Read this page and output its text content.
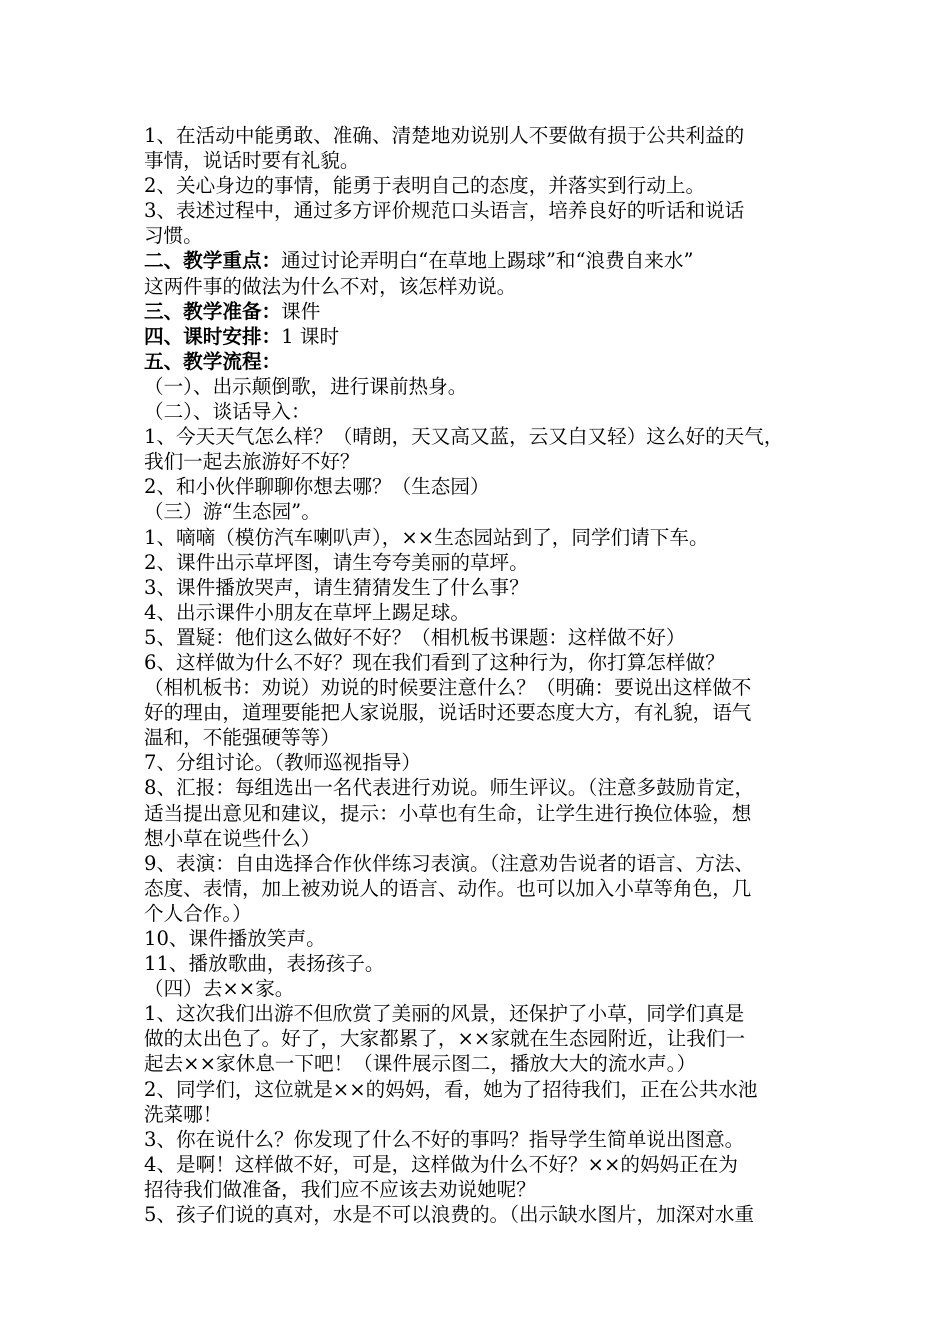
1、在活动中能勇敢、准确、清楚地劝说别人不要做有损于公共利益的

事情，说话时要有礼貌。

2、关心身边的事情，能勇于表明自己的态度，并落实到行动上。

3、表述过程中，通过多方评价规范口头语言，培养良好的听话和说话

习惯。

二、教学重点：通过讨论弄明白“在草地上踢球”和“浪费自来水”

这两件事的做法为什么不对，该怎样劝说。

三、教学准备：课件

四、课时安排：1 课时

五、教学流程：

（一）、出示颠倒歌，进行课前热身。

（二）、谈话导入：

1、今天天气怎么样？（晴朗，天又高又蓝，云又白又轻）这么好的天气，

我们一起去旅游好不好？

2、和小伙伴聊聊你想去哪？（生态园）

（三）游“生态园”。

1、嘀嘀（模仿汽车喇叭声），××生态园站到了，同学们请下车。

2、课件出示草坪图，请生夸夸美丽的草坪。

3、课件播放哭声，请生猜猜发生了什么事？

4、出示课件小朋友在草坪上踢足球。

5、置疑：他们这么做好不好？（相机板书课题：这样做不好）

6、这样做为什么不好？现在我们看到了这种行为，你打算怎样做？

（相机板书：劝说）劝说的时候要注意什么？（明确：要说出这样做不

好的理由，道理要能把人家说服，说话时还要态度大方，有礼貌，语气

温和，不能强硬等等）

7、分组讨论。（教师巡视指导）

8、汇报：每组选出一名代表进行劝说。师生评议。（注意多鼓励肯定，

适当提出意见和建议，提示：小草也有生命，让学生进行换位体验，想

想小草在说些什么）

9、表演：自由选择合作伙伴练习表演。（注意劝告说者的语言、方法、

态度、表情，加上被劝说人的语言、动作。也可以加入小草等角色，几

个人合作。）

10、课件播放笑声。

11、播放歌曲，表扬孩子。

（四）去××家。

1、这次我们出游不但欣赏了美丽的风景，还保护了小草，同学们真是

做的太出色了。好了，大家都累了，××家就在生态园附近，让我们一

起去××家休息一下吧！（课件展示图二，播放大大的流水声。）

2、同学们，这位就是××的妈妈，看，她为了招待我们，正在公共水池

洗菜哪！

3、你在说什么？你发现了什么不好的事吗？指导学生简单说出图意。

4、是啊！这样做不好，可是，这样做为什么不好？××的妈妈正在为

招待我们做准备，我们应不应该去劝说她呢？

5、孩子们说的真对，水是不可以浪费的。（出示缺水图片，加深对水重
